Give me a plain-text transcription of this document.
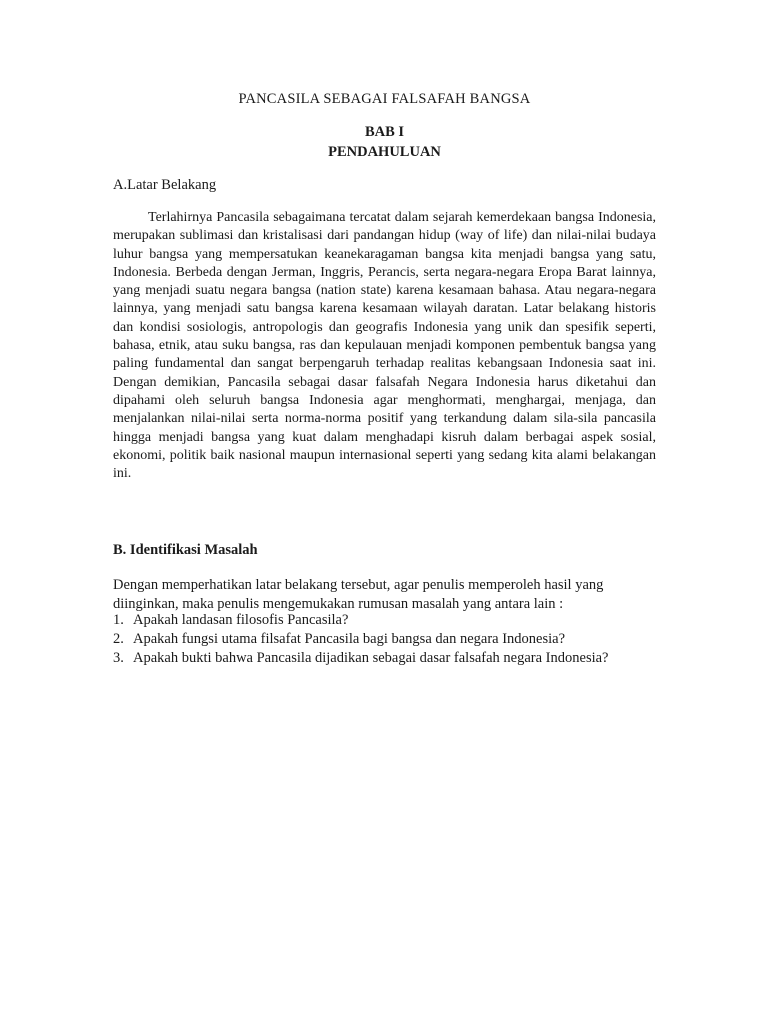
PANCASILA SEBAGAI FALSAFAH BANGSA
BAB I
PENDAHULUAN
A.Latar Belakang

Terlahirnya Pancasila sebagaimana tercatat dalam sejarah kemerdekaan bangsa Indonesia, merupakan sublimasi dan kristalisasi dari pandangan hidup (way of life) dan nilai-nilai budaya luhur bangsa yang mempersatukan keanekaragaman bangsa kita menjadi bangsa yang satu, Indonesia. Berbeda dengan Jerman, Inggris, Perancis, serta negara-negara Eropa Barat lainnya, yang menjadi suatu negara bangsa (nation state) karena kesamaan bahasa. Atau negara-negara lainnya, yang menjadi satu bangsa karena kesamaan wilayah daratan. Latar belakang historis dan kondisi sosiologis, antropologis dan geografis Indonesia yang unik dan spesifik seperti, bahasa, etnik, atau suku bangsa, ras dan kepulauan menjadi komponen pembentuk bangsa yang paling fundamental dan sangat berpengaruh terhadap realitas kebangsaan Indonesia saat ini. Dengan demikian, Pancasila sebagai dasar falsafah Negara Indonesia harus diketahui dan dipahami oleh seluruh bangsa Indonesia agar menghormati, menghargai, menjaga, dan menjalankan nilai-nilai serta norma-norma positif yang terkandung dalam sila-sila pancasila hingga menjadi bangsa yang kuat dalam menghadapi kisruh dalam berbagai aspek sosial, ekonomi, politik baik nasional maupun internasional seperti yang sedang kita alami belakangan ini.

B. Identifikasi Masalah

Dengan memperhatikan latar belakang tersebut, agar penulis memperoleh hasil yang diinginkan, maka penulis mengemukakan rumusan masalah yang antara lain :

1. Apakah landasan filosofis Pancasila?
2. Apakah fungsi utama filsafat Pancasila bagi bangsa dan negara Indonesia?
3. Apakah bukti bahwa Pancasila dijadikan sebagai dasar falsafah negara Indonesia?
